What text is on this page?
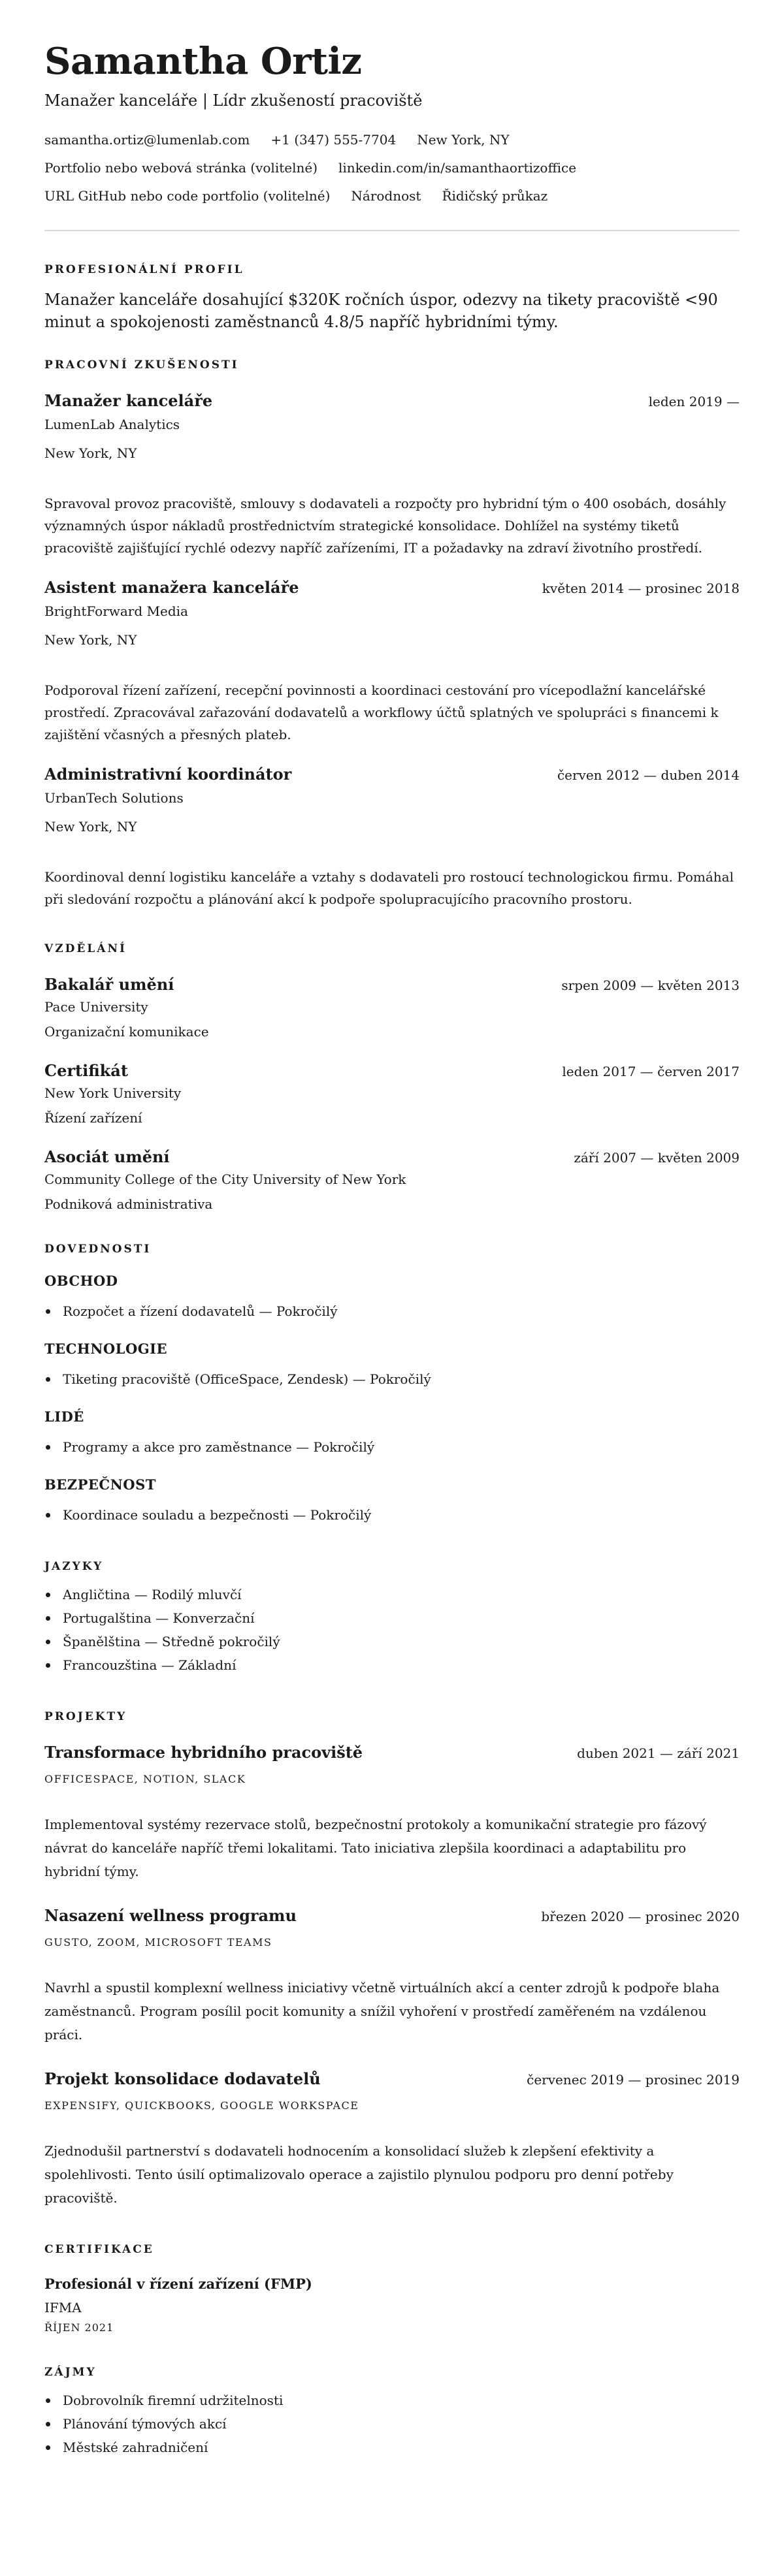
Samantha Ortiz
Manažer kanceláře | Lídr zkušeností pracoviště
samantha.ortiz@lumenlab.com +1 (347) 555-7704 New York, NY
Portfolio nebo webová stránka (volitelné) linkedin.com/in/samanthaortizoffice
URL GitHub nebo code portfolio (volitelné) Národnost Řidičský průkaz
PROFESIONÁLNÍ PROFIL

Manažer kanceláře dosahující $320K ročních úspor, odezvy na tikety pracoviště <90 minut a spokojenosti zaměstnanců 4.8/5 napříč hybridními týmy.

PRACOVNÍ ZKUŠENOSTI
Manažer kanceláře	leden 2019 —
LumenLab Analytics
New York, NY

Spravoval provoz pracoviště, smlouvy s dodavateli a rozpočty pro hybridní tým o 400 osobách, dosáhly významných úspor nákladů prostřednictvím strategické konsolidace. Dohlížel na systémy tiketů pracoviště zajišťující rychlé odezvy napříč zařízeními, IT a požadavky na zdraví životního prostředí.

Asistent manažera kanceláře	květen 2014 — prosinec 2018
BrightForward Media
New York, NY

Podporoval řízení zařízení, recepční povinnosti a koordinaci cestování pro vícepodlažní kancelářské prostředí. Zpracovával zařazování dodavatelů a workflowy účtů splatných ve spolupráci s financemi k zajištění včasných a přesných plateb.

Administrativní koordinátor	červen 2012 — duben 2014
UrbanTech Solutions
New York, NY

Koordinoval denní logistiku kanceláře a vztahy s dodavateli pro rostoucí technologickou firmu. Pomáhal při sledování rozpočtu a plánování akcí k podpoře spolupracujícího pracovního prostoru.

VZDĚLÁNÍ
Bakalář umění	srpen 2009 — květen 2013
Pace University
Organizační komunikace
Certifikát	leden 2017 — červen 2017
New York University
Řízení zařízení
Asociát umění	září 2007 — květen 2009
Community College of the City University of New York
Podniková administrativa
DOVEDNOSTI
OBCHOD
Rozpočet a řízení dodavatelů — Pokročilý
TECHNOLOGIE
Tiketing pracoviště (OfficeSpace, Zendesk) — Pokročilý
LIDÉ
Programy a akce pro zaměstnance — Pokročilý
BEZPEČNOST
Koordinace souladu a bezpečnosti — Pokročilý
JAZYKY
Angličtina — Rodilý mluvčí
Portugalština — Konverzační
Španělština — Středně pokročilý
Francouzština — Základní
PROJEKTY
Transformace hybridního pracoviště	duben 2021 — září 2021
OFFICESPACE, NOTION, SLACK

Implementoval systémy rezervace stolů, bezpečnostní protokoly a komunikační strategie pro fázový návrat do kanceláře napříč třemi lokalitami. Tato iniciativa zlepšila koordinaci a adaptabilitu pro hybridní týmy.

Nasazení wellness programu	březen 2020 — prosinec 2020
GUSTO, ZOOM, MICROSOFT TEAMS

Navrhl a spustil komplexní wellness iniciativy včetně virtuálních akcí a center zdrojů k podpoře blaha zaměstnanců. Program posílil pocit komunity a snížil vyhoření v prostředí zaměřeném na vzdálenou práci.

Projekt konsolidace dodavatelů	červenec 2019 — prosinec 2019
EXPENSIFY, QUICKBOOKS, GOOGLE WORKSPACE

Zjednodušil partnerství s dodavateli hodnocením a konsolidací služeb k zlepšení efektivity a spolehlivosti. Tento úsilí optimalizovalo operace a zajistilo plynulou podporu pro denní potřeby pracoviště.

CERTIFIKACE
Profesionál v řízení zařízení (FMP)
IFMA
ŘÍJEN 2021
ZÁJMY
Dobrovolník firemní udržitelnosti
Plánování týmových akcí
Městské zahradničení
